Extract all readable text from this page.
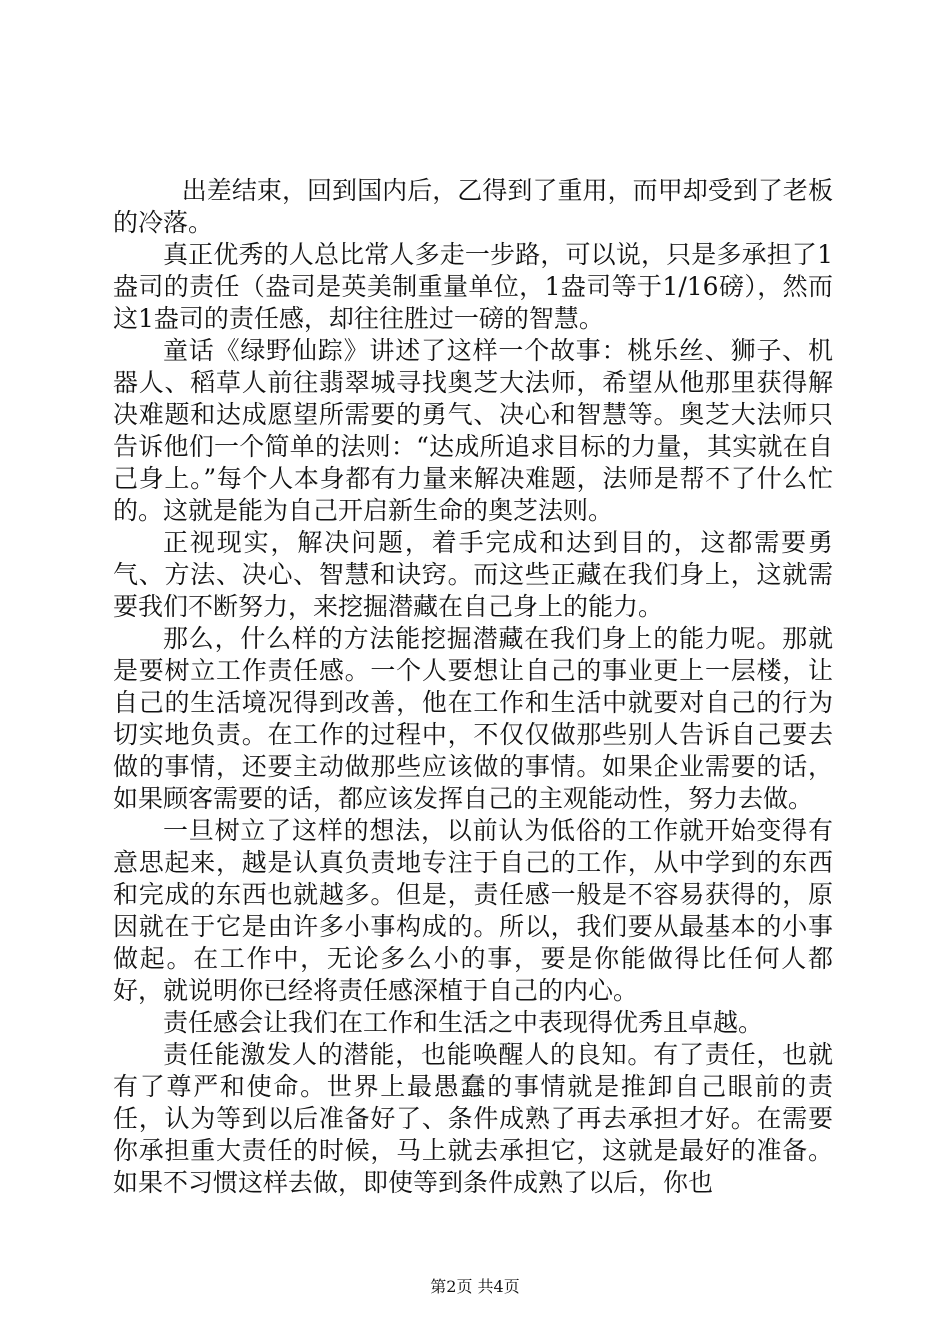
出差结束，回到国内后，乙得到了重用，而甲却受到了老板的冷落。

真正优秀的人总比常人多走一步路，可以说，只是多承担了1盎司的责任（盎司是英美制重量单位，1盎司等于1/16磅），然而这1盎司的责任感，却往往胜过一磅的智慧。

童话《绿野仙踪》讲述了这样一个故事：桃乐丝、狮子、机器人、稻草人前往翡翠城寻找奥芝大法师，希望从他那里获得解决难题和达成愿望所需要的勇气、决心和智慧等。奥芝大法师只告诉他们一个简单的法则：“达成所追求目标的力量，其实就在自己身上。”每个人本身都有力量来解决难题，法师是帮不了什么忙的。这就是能为自己开启新生命的奥芝法则。

正视现实，解决问题，着手完成和达到目的，这都需要勇气、方法、决心、智慧和诀窍。而这些正藏在我们身上，这就需要我们不断努力，来挖掘潜藏在自己身上的能力。

那么，什么样的方法能挖掘潜藏在我们身上的能力呢。那就是要树立工作责任感。一个人要想让自己的事业更上一层楼，让自己的生活境况得到改善，他在工作和生活中就要对自己的行为切实地负责。在工作的过程中，不仅仅做那些别人告诉自己要去做的事情，还要主动做那些应该做的事情。如果企业需要的话，如果顾客需要的话，都应该发挥自己的主观能动性，努力去做。

一旦树立了这样的想法，以前认为低俗的工作就开始变得有意思起来，越是认真负责地专注于自己的工作，从中学到的东西和完成的东西也就越多。但是，责任感一般是不容易获得的，原因就在于它是由许多小事构成的。所以，我们要从最基本的小事做起。在工作中，无论多么小的事，要是你能做得比任何人都好，就说明你已经将责任感深植于自己的内心。

责任感会让我们在工作和生活之中表现得优秀且卓越。

责任能激发人的潜能，也能唤醒人的良知。有了责任，也就有了尊严和使命。世界上最愚蠢的事情就是推卸自己眼前的责任，认为等到以后准备好了、条件成熟了再去承担才好。在需要你承担重大责任的时候，马上就去承担它，这就是最好的准备。如果不习惯这样去做，即使等到条件成熟了以后，你也

第2页 共4页
